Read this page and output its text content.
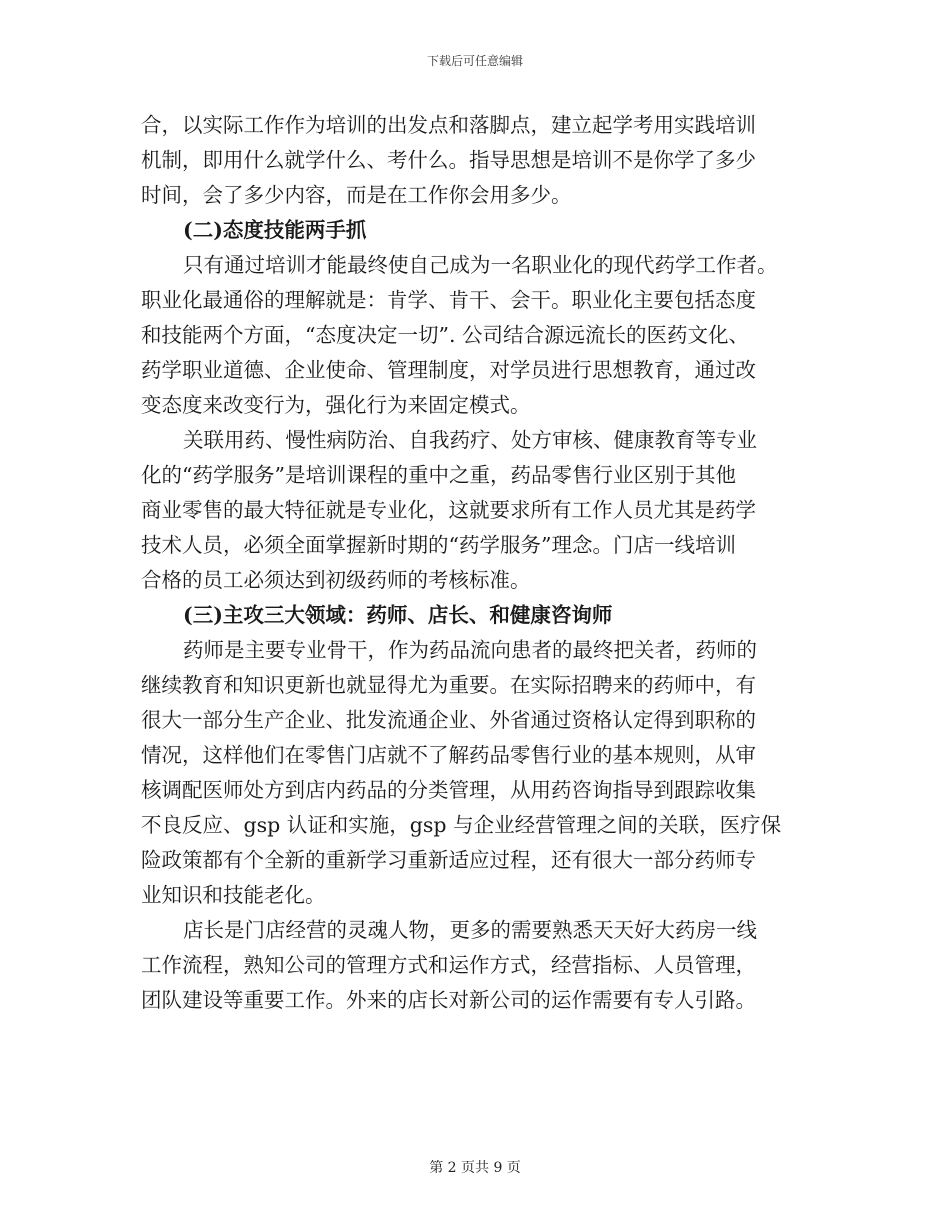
下载后可任意编辑
合，以实际工作作为培训的出发点和落脚点，建立起学考用实践培训
机制，即用什么就学什么、考什么。指导思想是培训不是你学了多少
时间，会了多少内容，而是在工作你会用多少。
(二)态度技能两手抓
只有通过培训才能最终使自己成为一名职业化的现代药学工作者。
职业化最通俗的理解就是：肯学、肯干、会干。职业化主要包括态度
和技能两个方面，“态度决定一切”. 公司结合源远流长的医药文化、
药学职业道德、企业使命、管理制度，对学员进行思想教育，通过改
变态度来改变行为，强化行为来固定模式。
关联用药、慢性病防治、自我药疗、处方审核、健康教育等专业
化的“药学服务”是培训课程的重中之重，药品零售行业区别于其他
商业零售的最大特征就是专业化，这就要求所有工作人员尤其是药学
技术人员，必须全面掌握新时期的“药学服务”理念。门店一线培训
合格的员工必须达到初级药师的考核标准。
(三)主攻三大领域：药师、店长、和健康咨询师
药师是主要专业骨干，作为药品流向患者的最终把关者，药师的
继续教育和知识更新也就显得尤为重要。在实际招聘来的药师中，有
很大一部分生产企业、批发流通企业、外省通过资格认定得到职称的
情况，这样他们在零售门店就不了解药品零售行业的基本规则，从审
核调配医师处方到店内药品的分类管理，从用药咨询指导到跟踪收集
不良反应、gsp 认证和实施，gsp 与企业经营管理之间的关联，医疗保
险政策都有个全新的重新学习重新适应过程，还有很大一部分药师专
业知识和技能老化。
店长是门店经营的灵魂人物，更多的需要熟悉天天好大药房一线
工作流程，熟知公司的管理方式和运作方式，经营指标、人员管理，
团队建设等重要工作。外来的店长对新公司的运作需要有专人引路。
第 2 页共 9 页
